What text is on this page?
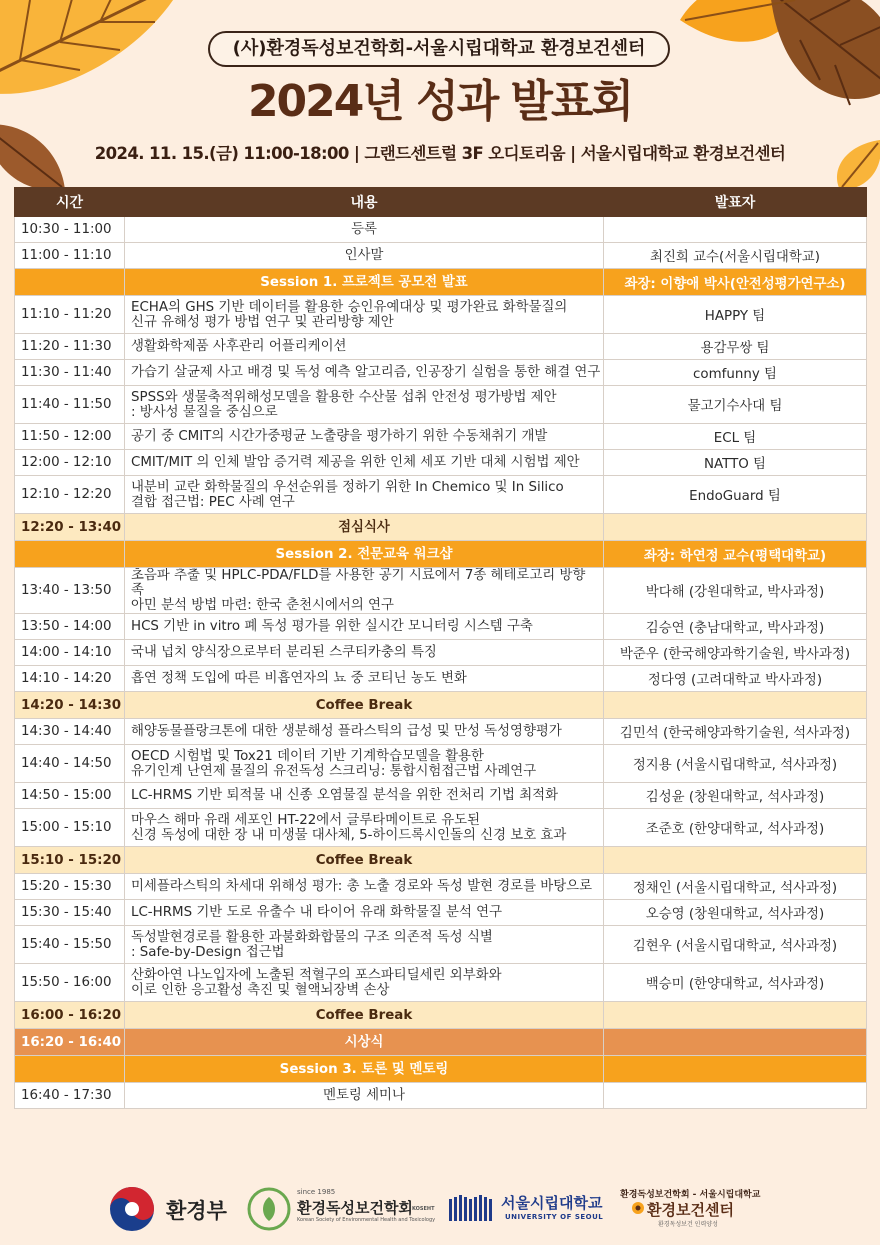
(사)환경독성보건학회-서울시립대학교 환경보건센터
2024년 성과 발표회
2024. 11. 15.(금) 11:00-18:00 | 그랜드센트럴 3F 오디토리움 | 서울시립대학교 환경보건센터
시간	내용	발표자
10:30 - 11:00	등록	
11:00 - 11:10	인사말	최진희 교수(서울시립대학교)
	Session 1. 프로젝트 공모전 발표	좌장: 이향애 박사(안전성평가연구소)
11:10 - 11:20	ECHA의 GHS 기반 데이터를 활용한 승인유예대상 및 평가완료 화학물질의
신규 유해성 평가 방법 연구 및 관리방향 제안	HAPPY 팀
11:20 - 11:30	생활화학제품 사후관리 어플리케이션	용감무쌍 팀
11:30 - 11:40	가습기 살균제 사고 배경 및 독성 예측 알고리즘, 인공장기 실험을 통한 해결 연구	comfunny 팀
11:40 - 11:50	SPSS와 생물축적위해성모델을 활용한 수산물 섭취 안전성 평가방법 제안
: 방사성 물질을 중심으로	물고기수사대 팀
11:50 - 12:00	공기 중 CMIT의 시간가중평균 노출량을 평가하기 위한 수동채취기 개발	ECL 팀
12:00 - 12:10	CMIT/MIT 의 인체 발암 증거력 제공을 위한 인체 세포 기반 대체 시험법 제안	NATTO 팀
12:10 - 12:20	내분비 교란 화학물질의 우선순위를 정하기 위한 In Chemico 및 In Silico
결합 접근법: PEC 사례 연구	EndoGuard 팀
12:20 - 13:40	점심식사	
	Session 2. 전문교육 워크샵	좌장: 하연정 교수(평택대학교)
13:40 - 13:50	초음파 추출 및 HPLC-PDA/FLD를 사용한 공기 시료에서 7종 헤테로고리 방향족
아민 분석 방법 마련: 한국 춘천시에서의 연구	박다해 (강원대학교, 박사과정)
13:50 - 14:00	HCS 기반 in vitro 폐 독성 평가를 위한 실시간 모니터링 시스템 구축	김승연 (충남대학교, 박사과정)
14:00 - 14:10	국내 넙치 양식장으로부터 분리된 스쿠티카충의 특징	박준우 (한국해양과학기술원, 박사과정)
14:10 - 14:20	흡연 정책 도입에 따른 비흡연자의 뇨 중 코티닌 농도 변화	정다영 (고려대학교 박사과정)
14:20 - 14:30	Coffee Break	
14:30 - 14:40	해양동물플랑크톤에 대한 생분해성 플라스틱의 급성 및 만성 독성영향평가	김민석 (한국해양과학기술원, 석사과정)
14:40 - 14:50	OECD 시험법 및 Tox21 데이터 기반 기계학습모델을 활용한
유기인계 난연제 물질의 유전독성 스크리닝: 통합시험접근법 사례연구	정지용 (서울시립대학교, 석사과정)
14:50 - 15:00	LC-HRMS 기반 퇴적물 내 신종 오염물질 분석을 위한 전처리 기법 최적화	김성윤 (창원대학교, 석사과정)
15:00 - 15:10	마우스 해마 유래 세포인 HT-22에서 글루타메이트로 유도된
신경 독성에 대한 장 내 미생물 대사체, 5-하이드록시인돌의 신경 보호 효과	조준호 (한양대학교, 석사과정)
15:10 - 15:20	Coffee Break	
15:20 - 15:30	미세플라스틱의 차세대 위해성 평가: 총 노출 경로와 독성 발현 경로를 바탕으로	정채인 (서울시립대학교, 석사과정)
15:30 - 15:40	LC-HRMS 기반 도로 유출수 내 타이어 유래 화학물질 분석 연구	오승영 (창원대학교, 석사과정)
15:40 - 15:50	독성발현경로를 활용한 과불화화합물의 구조 의존적 독성 식별
: Safe-by-Design 접근법	김현우 (서울시립대학교, 석사과정)
15:50 - 16:00	산화아연 나노입자에 노출된 적혈구의 포스파티딜세린 외부화와
이로 인한 응고활성 촉진 및 혈액뇌장벽 손상	백승미 (한양대학교, 석사과정)
16:00 - 16:20	Coffee Break	
16:20 - 16:40	시상식	
	Session 3. 토론 및 멘토링	
16:40 - 17:30	멘토링 세미나	
환경부
since 1985
환경독성보건학회 KOSEHT
Korean Society of Environmental Health and Toxicology
서울시립대학교
UNIVERSITY OF SEOUL
환경독성보건학회 - 서울시립대학교
환경보건센터
환경독성보건 인력양성
